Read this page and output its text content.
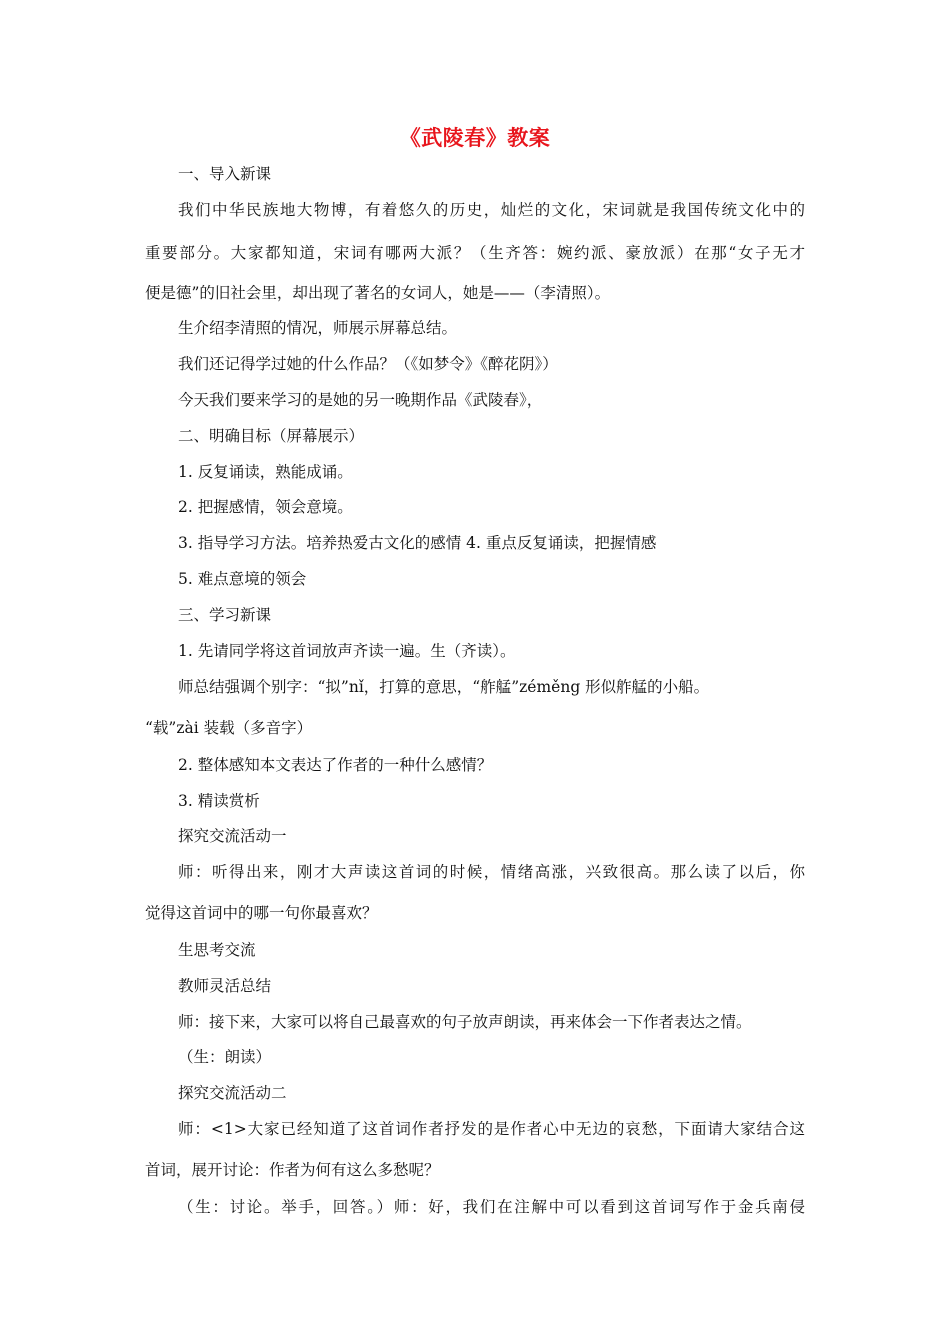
《武陵春》教案
一、导入新课
我们中华民族地大物博，有着悠久的历史，灿烂的文化，宋词就是我国传统文化中的
重要部分。大家都知道，宋词有哪两大派？（生齐答：婉约派、豪放派）在那“女子无才
便是德”的旧社会里，却出现了著名的女词人，她是——（李清照）。
生介绍李清照的情况，师展示屏幕总结。
我们还记得学过她的什么作品？（《如梦令》《醉花阴》）
今天我们要来学习的是她的另一晚期作品《武陵春》，
二、明确目标（屏幕展示）
1. 反复诵读，熟能成诵。
2. 把握感情，领会意境。
3. 指导学习方法。培养热爱古文化的感情 4. 重点反复诵读，把握情感
5. 难点意境的领会
三、学习新课
1. 先请同学将这首词放声齐读一遍。生（齐读）。
师总结强调个别字：“拟”nǐ，打算的意思，“舴艋”zéměng 形似舴艋的小船。
“载”zài 装载（多音字）
2. 整体感知本文表达了作者的一种什么感情？
3. 精读赏析
探究交流活动一
师：听得出来，刚才大声读这首词的时候，情绪高涨，兴致很高。那么读了以后，你
觉得这首词中的哪一句你最喜欢？
生思考交流
教师灵活总结
师：接下来，大家可以将自己最喜欢的句子放声朗读，再来体会一下作者表达之情。
（生：朗读）
探究交流活动二
师：<1>大家已经知道了这首词作者抒发的是作者心中无边的哀愁，下面请大家结合这
首词，展开讨论：作者为何有这么多愁呢？
（生：讨论。举手，回答。）师：好，我们在注解中可以看到这首词写作于金兵南侵
